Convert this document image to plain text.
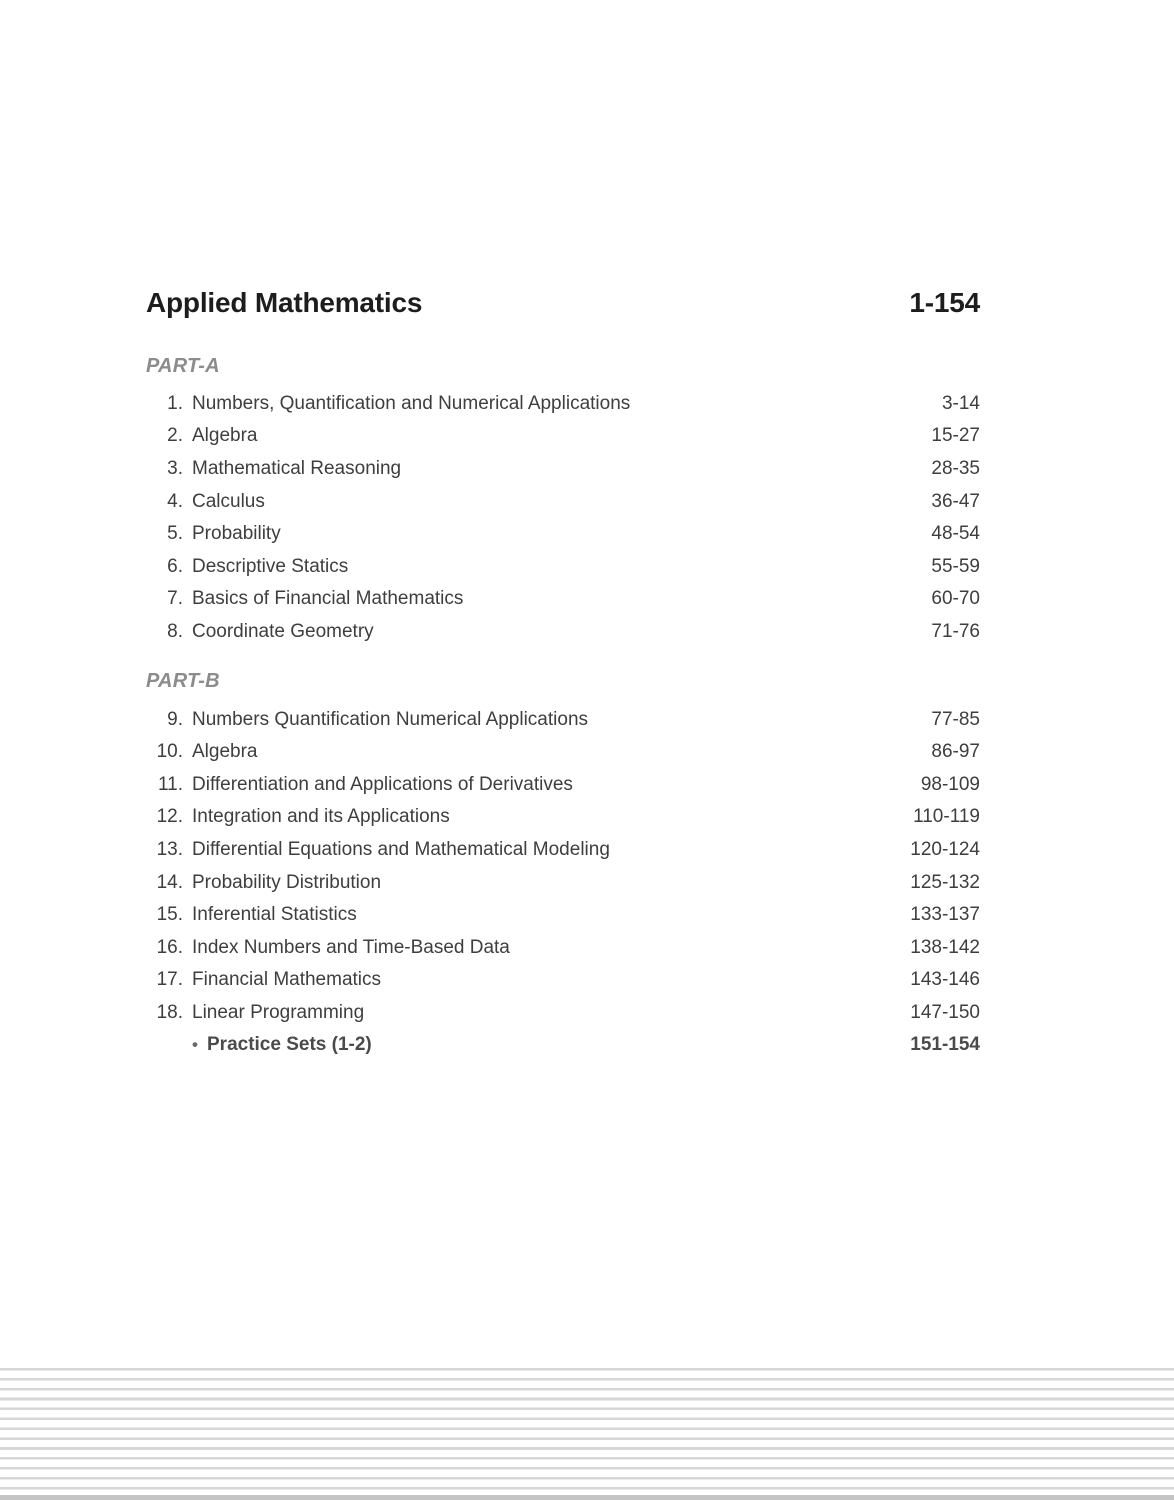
Applied Mathematics	1-154
PART-A
1. Numbers, Quantification and Numerical Applications	3-14
2. Algebra	15-27
3. Mathematical Reasoning	28-35
4. Calculus	36-47
5. Probability	48-54
6. Descriptive Statics	55-59
7. Basics of Financial Mathematics	60-70
8. Coordinate Geometry	71-76
PART-B
9. Numbers Quantification Numerical Applications	77-85
10. Algebra	86-97
11. Differentiation and Applications of Derivatives	98-109
12. Integration and its Applications	110-119
13. Differential Equations and Mathematical Modeling	120-124
14. Probability Distribution	125-132
15. Inferential Statistics	133-137
16. Index Numbers and Time-Based Data	138-142
17. Financial Mathematics	143-146
18. Linear Programming	147-150
• Practice Sets (1-2)	151-154
